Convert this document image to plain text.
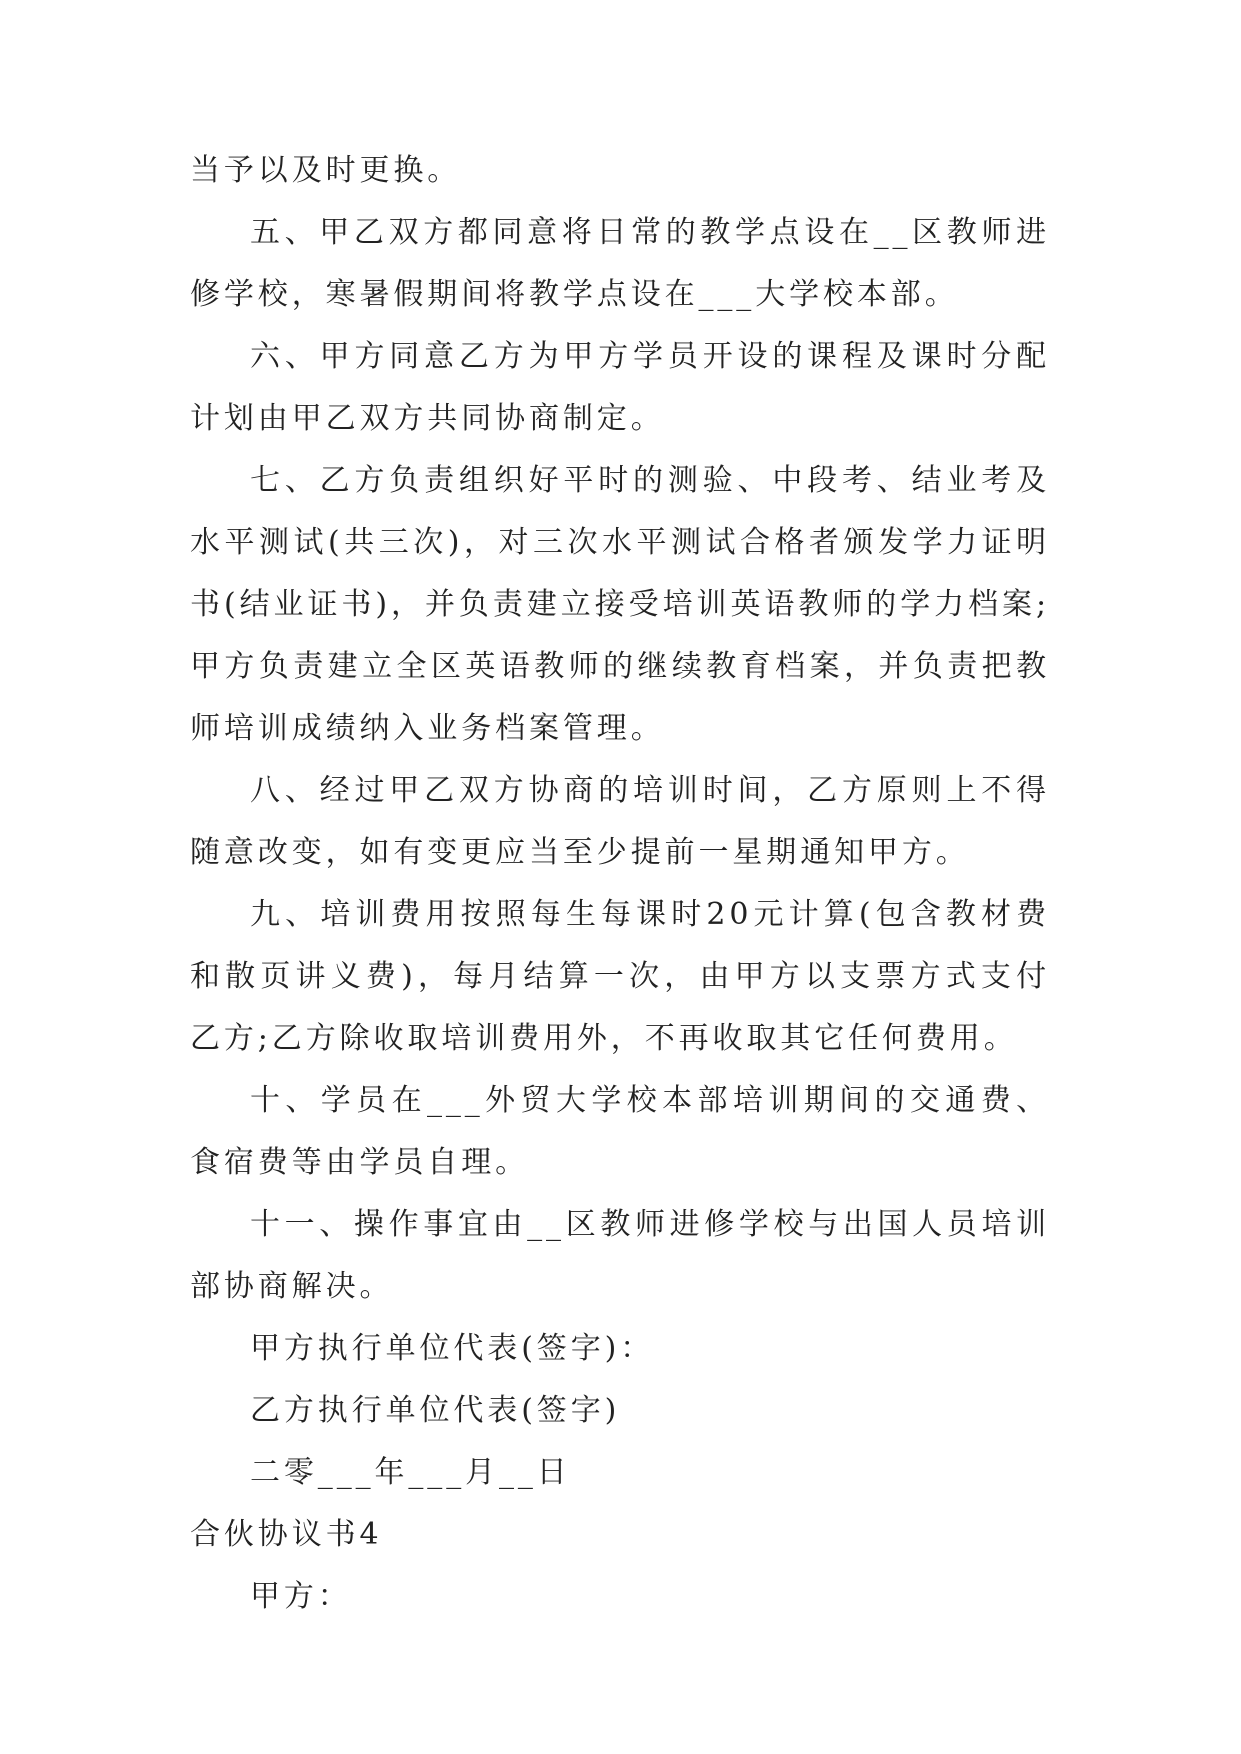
当予以及时更换。

五、甲乙双方都同意将日常的教学点设在__区教师进修学校，寒暑假期间将教学点设在___大学校本部。

六、甲方同意乙方为甲方学员开设的课程及课时分配计划由甲乙双方共同协商制定。

七、乙方负责组织好平时的测验、中段考、结业考及水平测试(共三次)，对三次水平测试合格者颁发学力证明书(结业证书)，并负责建立接受培训英语教师的学力档案;甲方负责建立全区英语教师的继续教育档案，并负责把教师培训成绩纳入业务档案管理。

八、经过甲乙双方协商的培训时间，乙方原则上不得随意改变，如有变更应当至少提前一星期通知甲方。

九、培训费用按照每生每课时20元计算(包含教材费和散页讲义费)，每月结算一次，由甲方以支票方式支付乙方;乙方除收取培训费用外，不再收取其它任何费用。

十、学员在___外贸大学校本部培训期间的交通费、食宿费等由学员自理。

十一、操作事宜由__区教师进修学校与出国人员培训部协商解决。

甲方执行单位代表(签字)：

乙方执行单位代表(签字)

二零___年___月__日

合伙协议书4

甲方：
